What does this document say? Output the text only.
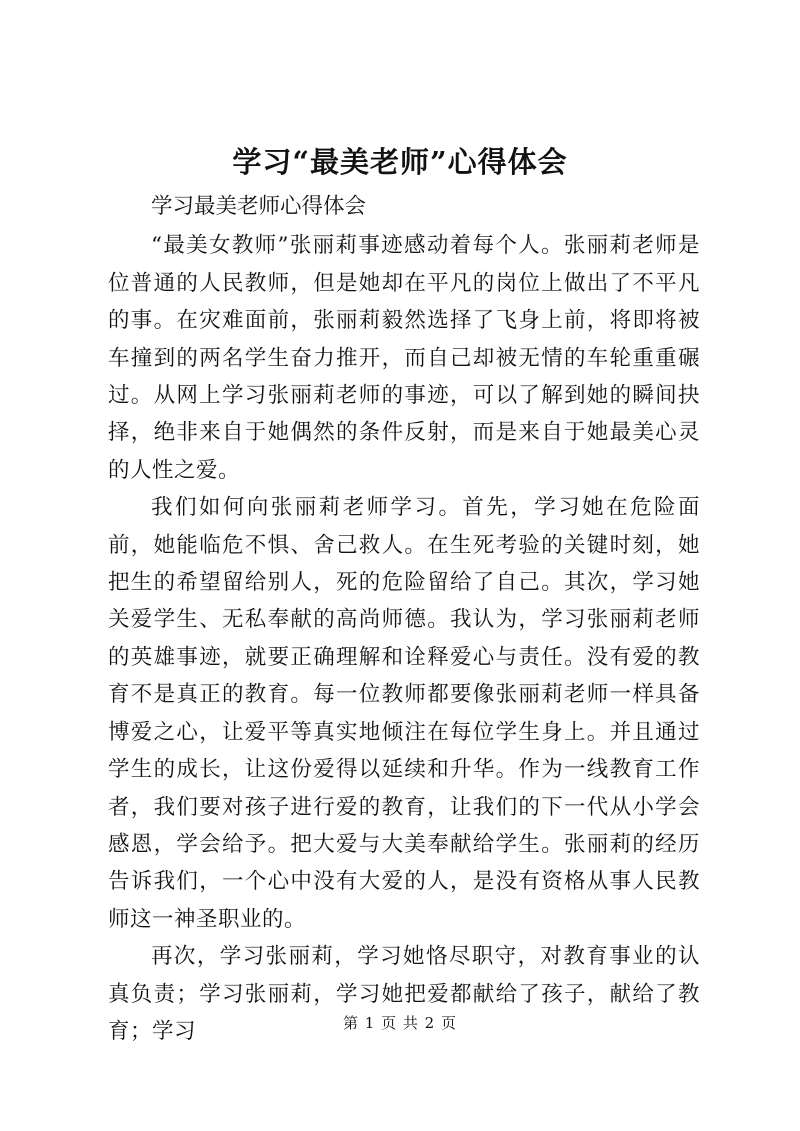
学习“最美老师”心得体会

学习最美老师心得体会

“最美女教师”张丽莉事迹感动着每个人。张丽莉老师是位普通的人民教师，但是她却在平凡的岗位上做出了不平凡的事。在灾难面前，张丽莉毅然选择了飞身上前，将即将被车撞到的两名学生奋力推开，而自己却被无情的车轮重重碾过。从网上学习张丽莉老师的事迹，可以了解到她的瞬间抉择，绝非来自于她偶然的条件反射，而是来自于她最美心灵的人性之爱。

我们如何向张丽莉老师学习。首先，学习她在危险面前，她能临危不惧、舍己救人。在生死考验的关键时刻，她把生的希望留给别人，死的危险留给了自己。其次，学习她关爱学生、无私奉献的高尚师德。我认为，学习张丽莉老师的英雄事迹，就要正确理解和诠释爱心与责任。没有爱的教育不是真正的教育。每一位教师都要像张丽莉老师一样具备博爱之心，让爱平等真实地倾注在每位学生身上。并且通过学生的成长，让这份爱得以延续和升华。作为一线教育工作者，我们要对孩子进行爱的教育，让我们的下一代从小学会感恩，学会给予。把大爱与大美奉献给学生。张丽莉的经历告诉我们，一个心中没有大爱的人，是没有资格从事人民教师这一神圣职业的。

再次，学习张丽莉，学习她恪尽职守，对教育事业的认真负责；学习张丽莉，学习她把爱都献给了孩子，献给了教育；学习	第 1 页 共 2 页
